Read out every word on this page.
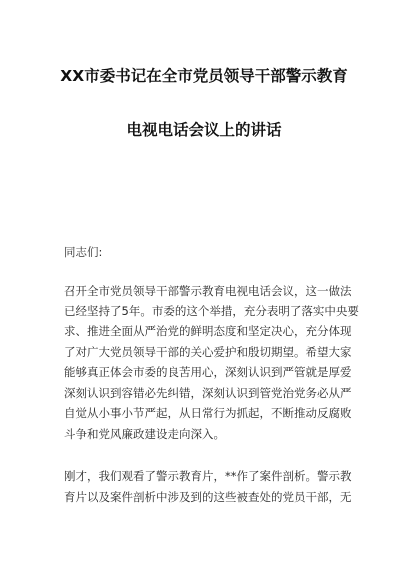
XX市委书记在全市党员领导干部警示教育
电视电话会议上的讲话
同志们:
召开全市党员领导干部警示教育电视电话会议，这一做法
已经坚持了5年。市委的这个举措，充分表明了落实中央要
求、推进全面从严治党的鲜明态度和坚定决心，充分体现
了对广大党员领导干部的关心爱护和殷切期望。希望大家
能够真正体会市委的良苦用心，深刻认识到严管就是厚爱
深刻认识到容错必先纠错，深刻认识到管党治党务必从严
自觉从小事小节严起，从日常行为抓起，不断推动反腐败
斗争和党风廉政建设走向深入。
刚才，我们观看了警示教育片，**作了案件剖析。警示教
育片以及案件剖析中涉及到的这些被查处的党员干部，无
